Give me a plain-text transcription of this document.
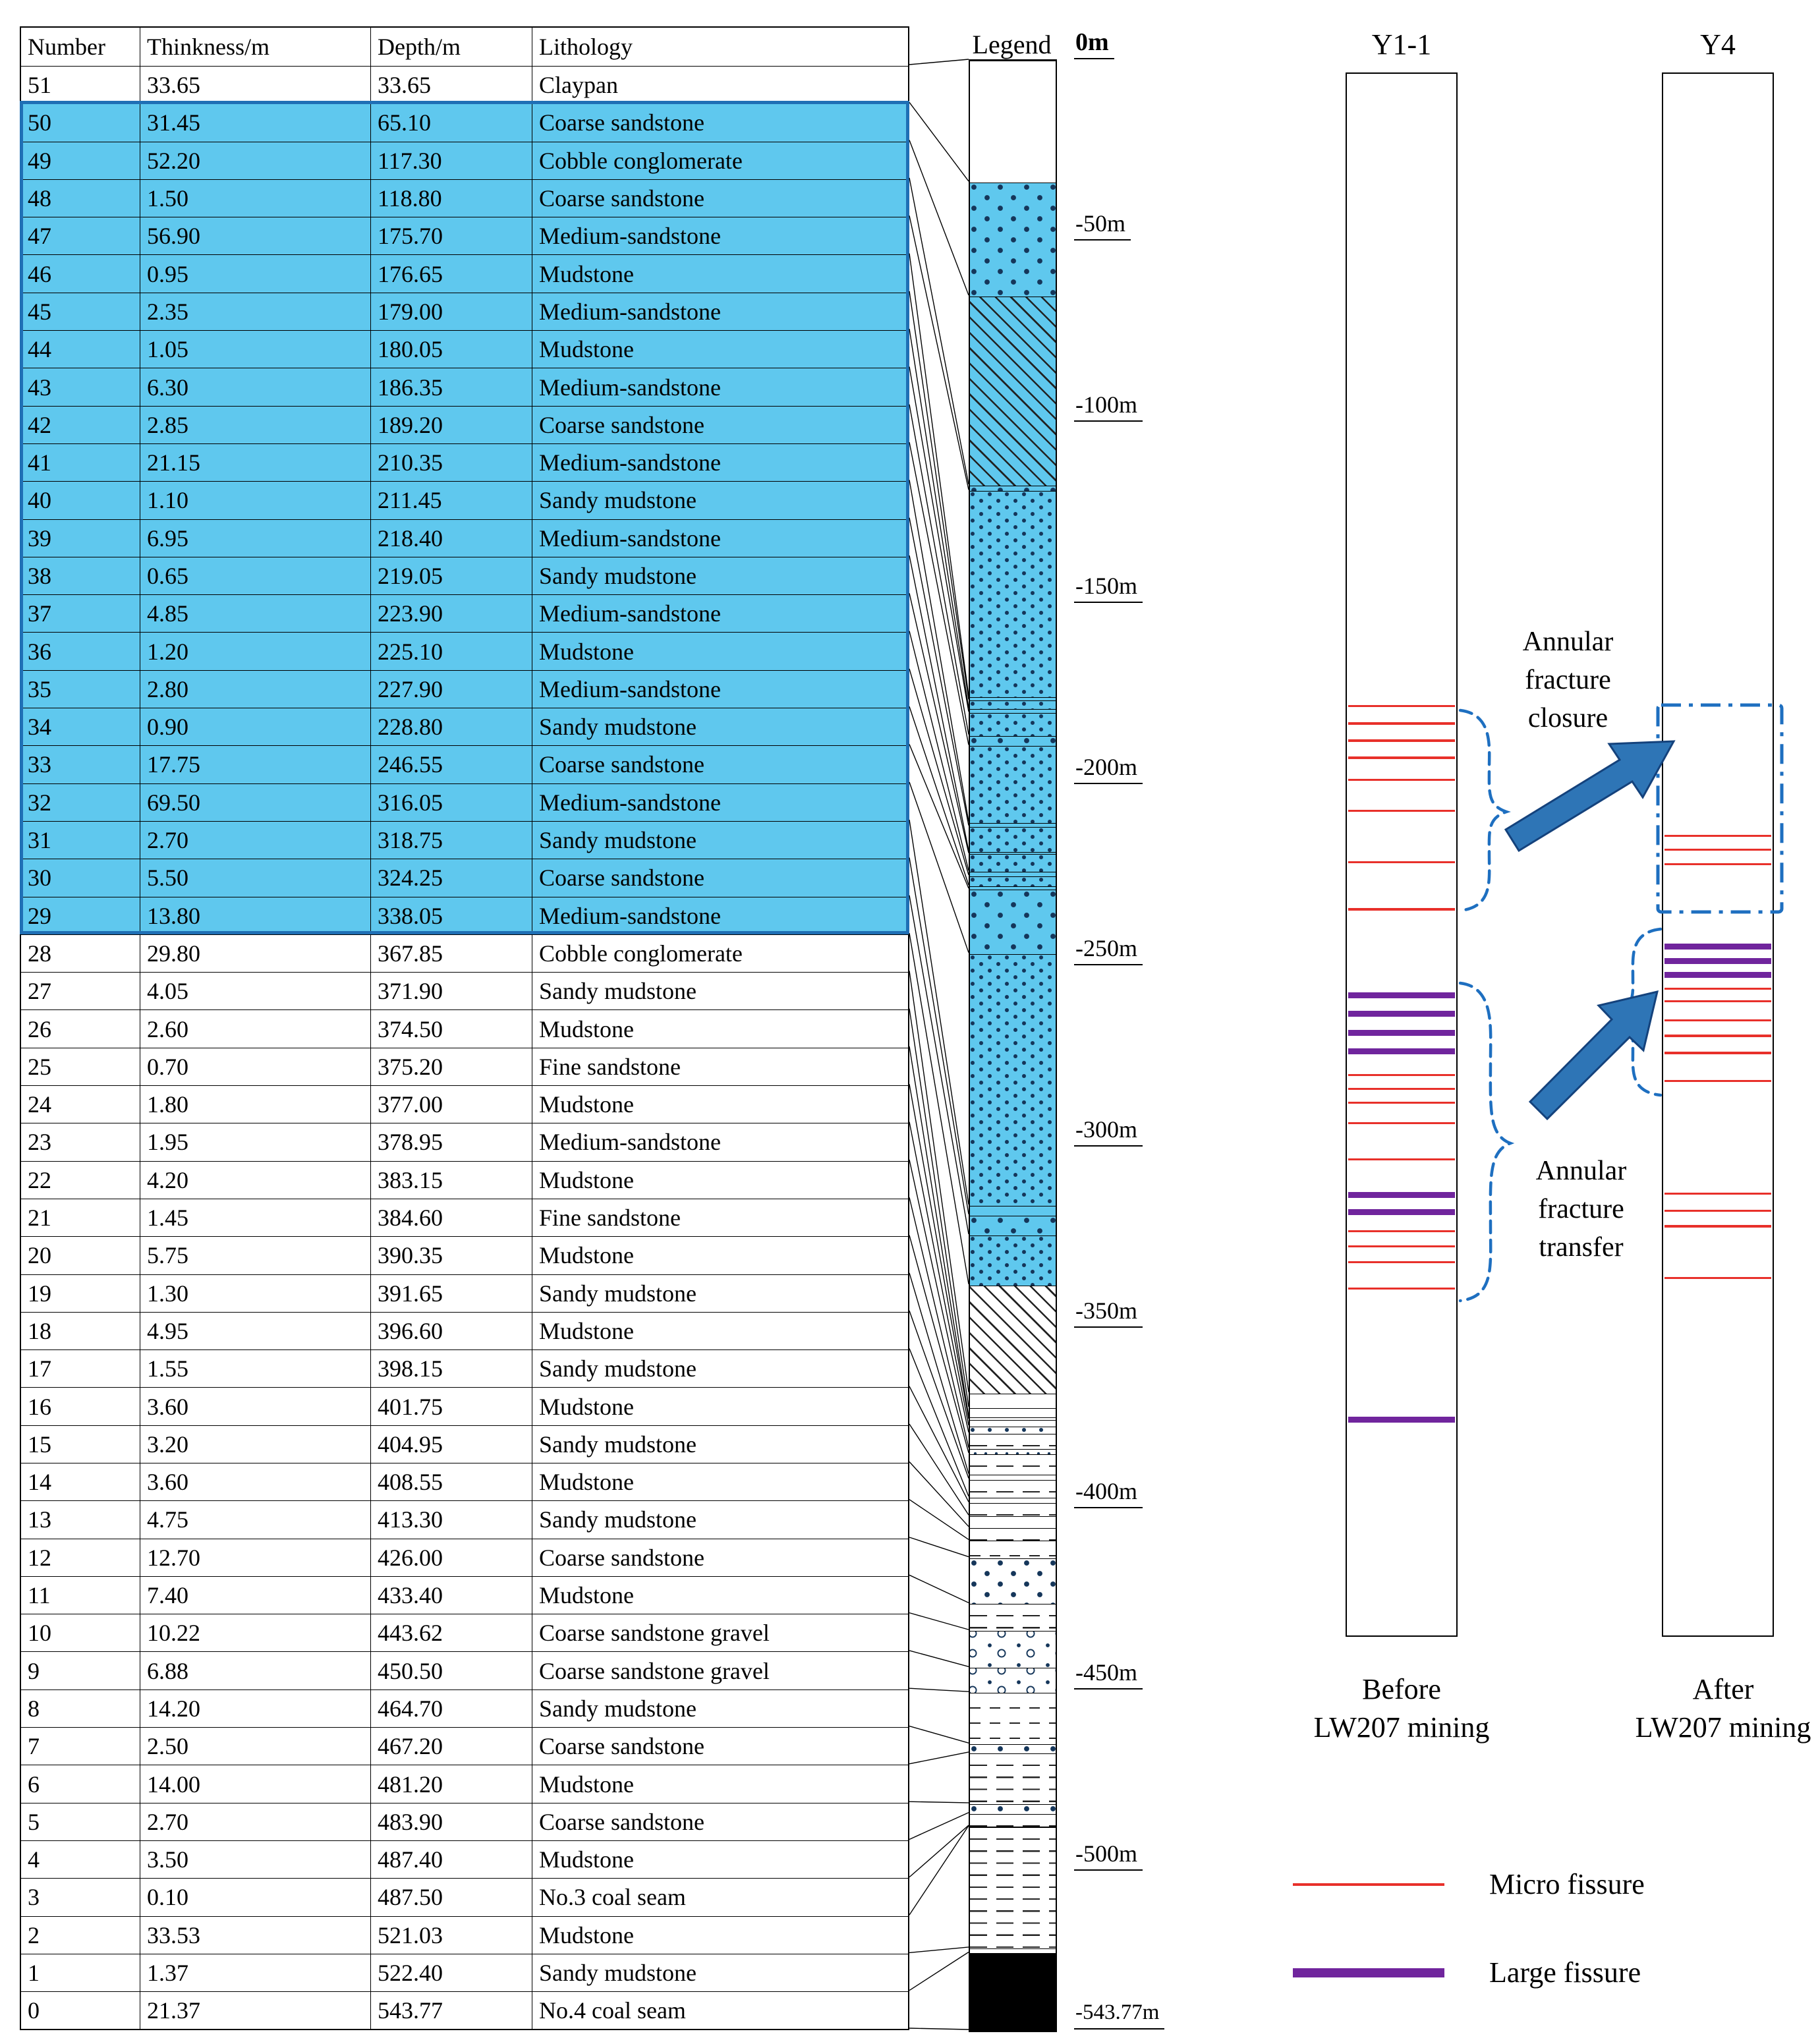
Number	Thinkness/m	Depth/m	Lithology
51	33.65	33.65	Claypan
50	31.45	65.10	Coarse sandstone
49	52.20	117.30	Cobble conglomerate
48	1.50	118.80	Coarse sandstone
47	56.90	175.70	Medium-sandstone
46	0.95	176.65	Mudstone
45	2.35	179.00	Medium-sandstone
44	1.05	180.05	Mudstone
43	6.30	186.35	Medium-sandstone
42	2.85	189.20	Coarse sandstone
41	21.15	210.35	Medium-sandstone
40	1.10	211.45	Sandy mudstone
39	6.95	218.40	Medium-sandstone
38	0.65	219.05	Sandy mudstone
37	4.85	223.90	Medium-sandstone
36	1.20	225.10	Mudstone
35	2.80	227.90	Medium-sandstone
34	0.90	228.80	Sandy mudstone
33	17.75	246.55	Coarse sandstone
32	69.50	316.05	Medium-sandstone
31	2.70	318.75	Sandy mudstone
30	5.50	324.25	Coarse sandstone
29	13.80	338.05	Medium-sandstone
28	29.80	367.85	Cobble conglomerate
27	4.05	371.90	Sandy mudstone
26	2.60	374.50	Mudstone
25	0.70	375.20	Fine sandstone
24	1.80	377.00	Mudstone
23	1.95	378.95	Medium-sandstone
22	4.20	383.15	Mudstone
21	1.45	384.60	Fine sandstone
20	5.75	390.35	Mudstone
19	1.30	391.65	Sandy mudstone
18	4.95	396.60	Mudstone
17	1.55	398.15	Sandy mudstone
16	3.60	401.75	Mudstone
15	3.20	404.95	Sandy mudstone
14	3.60	408.55	Mudstone
13	4.75	413.30	Sandy mudstone
12	12.70	426.00	Coarse sandstone
11	7.40	433.40	Mudstone
10	10.22	443.62	Coarse sandstone gravel
9	6.88	450.50	Coarse sandstone gravel
8	14.20	464.70	Sandy mudstone
7	2.50	467.20	Coarse sandstone
6	14.00	481.20	Mudstone
5	2.70	483.90	Coarse sandstone
4	3.50	487.40	Mudstone
3	0.10	487.50	No.3 coal seam
2	33.53	521.03	Mudstone
1	1.37	522.40	Sandy mudstone
0	21.37	543.77	No.4 coal seam
Legend 0m
-50m
-100m
-150m
-200m
-250m
-300m
-350m
-400m
-450m
-500m
-543.77m
Y1-1	Y4
Before
LW207 mining
After
LW207 mining
Annular fracture closure
Annular fracture transfer
Micro fissure
Large fissure
